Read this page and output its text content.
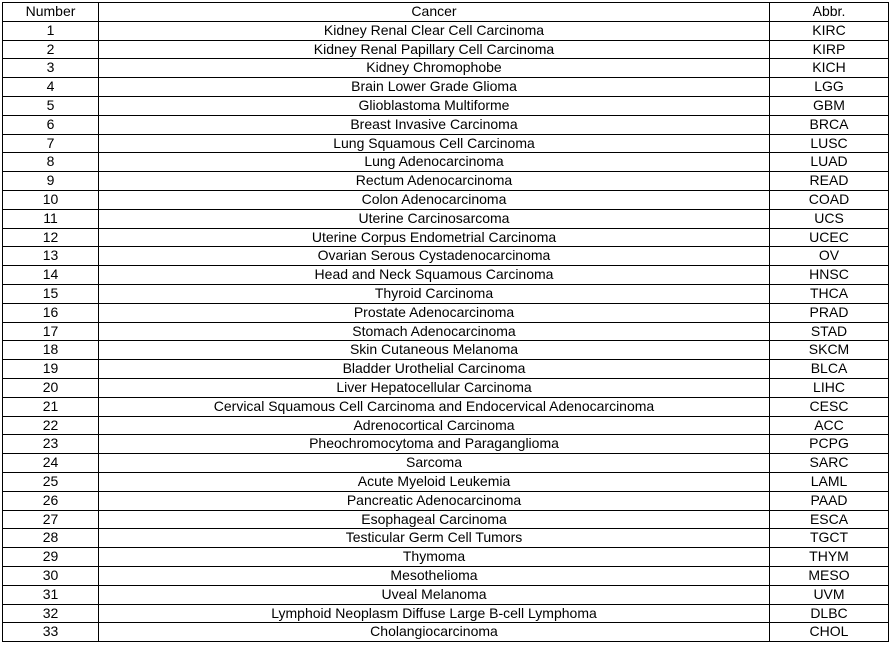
Number	Cancer	Abbr.
1	Kidney Renal Clear Cell Carcinoma	KIRC
2	Kidney Renal Papillary Cell Carcinoma	KIRP
3	Kidney Chromophobe	KICH
4	Brain Lower Grade Glioma	LGG
5	Glioblastoma Multiforme	GBM
6	Breast Invasive Carcinoma	BRCA
7	Lung Squamous Cell Carcinoma	LUSC
8	Lung Adenocarcinoma	LUAD
9	Rectum Adenocarcinoma	READ
10	Colon Adenocarcinoma	COAD
11	Uterine Carcinosarcoma	UCS
12	Uterine Corpus Endometrial Carcinoma	UCEC
13	Ovarian Serous Cystadenocarcinoma	OV
14	Head and Neck Squamous Carcinoma	HNSC
15	Thyroid Carcinoma	THCA
16	Prostate Adenocarcinoma	PRAD
17	Stomach Adenocarcinoma	STAD
18	Skin Cutaneous Melanoma	SKCM
19	Bladder Urothelial Carcinoma	BLCA
20	Liver Hepatocellular Carcinoma	LIHC
21	Cervical Squamous Cell Carcinoma and Endocervical Adenocarcinoma	CESC
22	Adrenocortical Carcinoma	ACC
23	Pheochromocytoma and Paraganglioma	PCPG
24	Sarcoma	SARC
25	Acute Myeloid Leukemia	LAML
26	Pancreatic Adenocarcinoma	PAAD
27	Esophageal Carcinoma	ESCA
28	Testicular Germ Cell Tumors	TGCT
29	Thymoma	THYM
30	Mesothelioma	MESO
31	Uveal Melanoma	UVM
32	Lymphoid Neoplasm Diffuse Large B-cell Lymphoma	DLBC
33	Cholangiocarcinoma	CHOL
